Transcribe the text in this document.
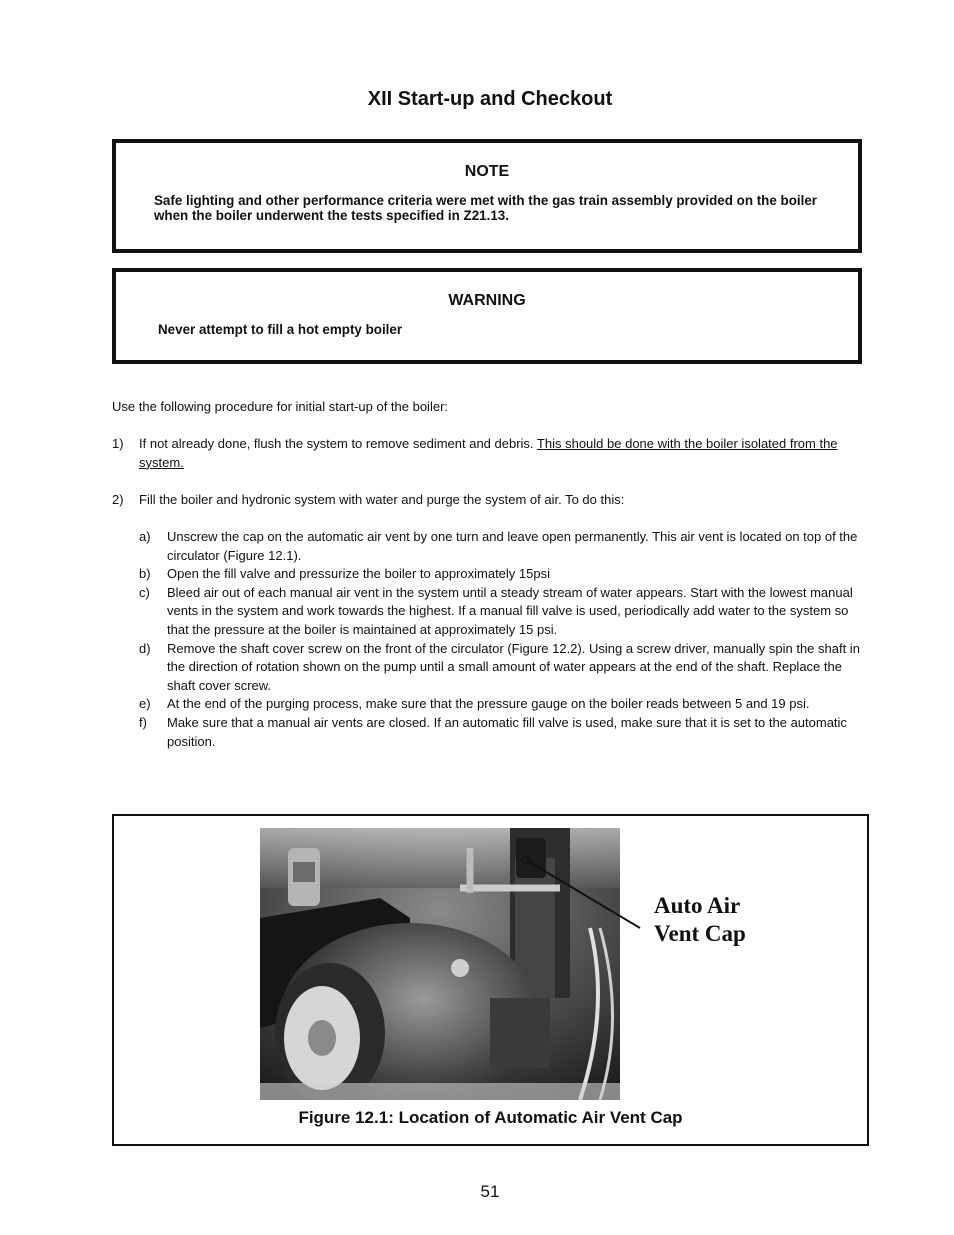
XII Start-up and Checkout
NOTE
Safe lighting and other performance criteria were met with the gas train assembly provided on the boiler when the boiler underwent the tests specified in Z21.13.
WARNING
Never attempt to fill a hot empty boiler
Use the following procedure for initial start-up of the boiler:
1) If not already done, flush the system to remove sediment and debris. This should be done with the boiler isolated from the system.
2) Fill the boiler and hydronic system with water and purge the system of air. To do this:
a) Unscrew the cap on the automatic air vent by one turn and leave open permanently. This air vent is located on top of the circulator (Figure 12.1).
b) Open the fill valve and pressurize the boiler to approximately 15psi
c) Bleed air out of each manual air vent in the system until a steady stream of water appears. Start with the lowest manual vents in the system and work towards the highest. If a manual fill valve is used, periodically add water to the system so that the pressure at the boiler is maintained at approximately 15 psi.
d) Remove the shaft cover screw on the front of the circulator (Figure 12.2). Using a screw driver, manually spin the shaft in the direction of rotation shown on the pump until a small amount of water appears at the end of the shaft. Replace the shaft cover screw.
e) At the end of the purging process, make sure that the pressure gauge on the boiler reads between 5 and 19 psi.
f) Make sure that a manual air vents are closed. If an automatic fill valve is used, make sure that it is set to the automatic position.
Auto Air
Vent Cap
Figure 12.1: Location of Automatic Air Vent Cap
51
